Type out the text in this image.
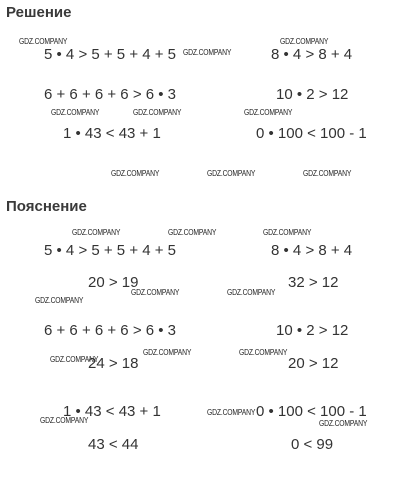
Решение
Пояснение
5 • 4 > 5 + 5 + 4 + 5	8 • 4 > 8 + 4
6 + 6 + 6 + 6 > 6 • 3	10 • 2 > 12
1 • 43 < 43 + 1	0 • 100 < 100 - 1
5 • 4 > 5 + 5 + 4 + 5	8 • 4 > 8 + 4
20 > 19	32 > 12
6 + 6 + 6 + 6 > 6 • 3	10 • 2 > 12
24 > 18	20 > 12
1 • 43 < 43 + 1	0 • 100 < 100 - 1
43 < 44	0 < 99
GDZ.COMPANY
GDZ.COMPANY
GDZ.COMPANY
GDZ.COMPANY	GDZ.COMPANY	GDZ.COMPANY
GDZ.COMPANY	GDZ.COMPANY	GDZ.COMPANY
GDZ.COMPANY	GDZ.COMPANY	GDZ.COMPANY
GDZ.COMPANY	GDZ.COMPANY
GDZ.COMPANY
GDZ.COMPANY
GDZ.COMPANY	GDZ.COMPANY
GDZ.COMPANY
GDZ.COMPANY
GDZ.COMPANY
